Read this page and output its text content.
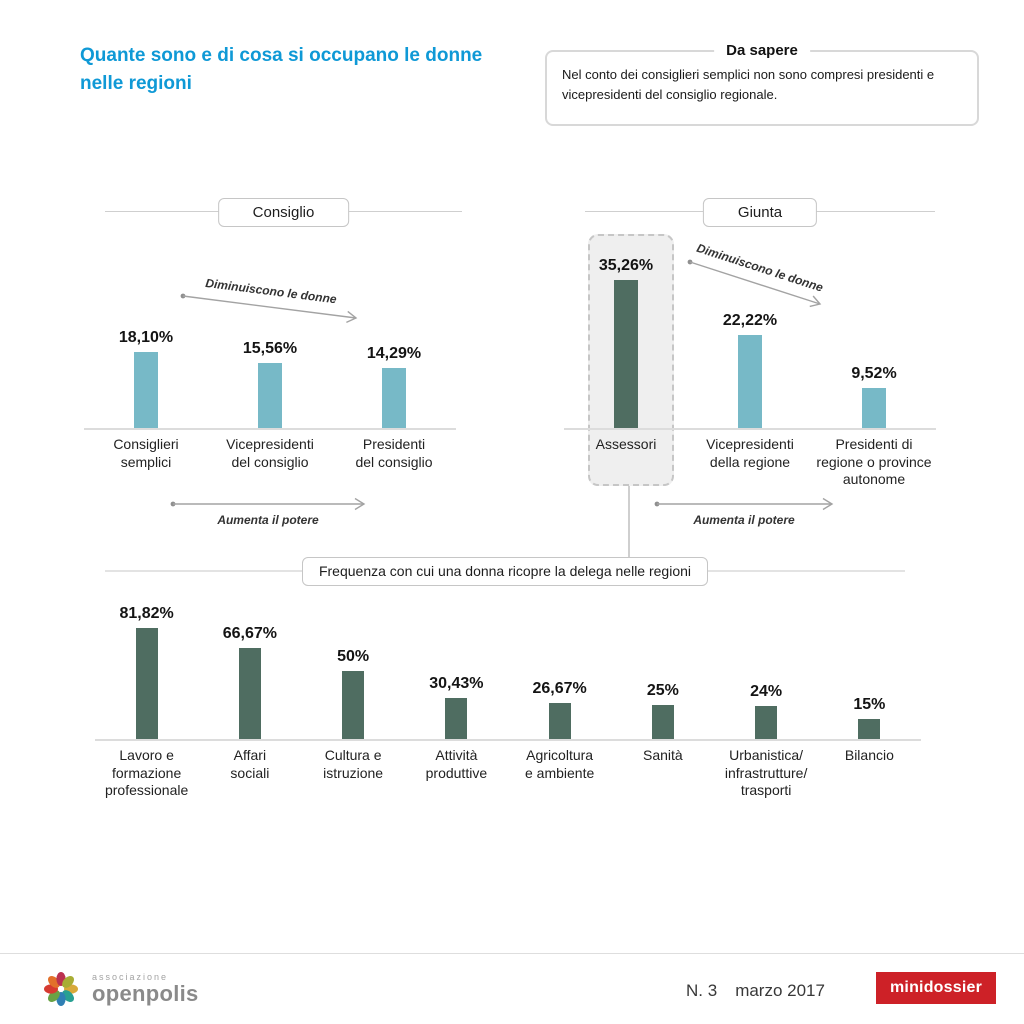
Quante sono e di cosa si occupano le donne
nelle regioni
Da sapere
Nel conto dei consiglieri semplici non sono compresi presidenti e vicepresidenti del consiglio regionale.
Consiglio	Giunta
18,10%
Consiglieri
semplici
15,56%
Vicepresidenti
del consiglio
14,29%
Presidenti
del consiglio
35,26%
Assessori
22,22%
Vicepresidenti
della regione
9,52%
Presidenti di
regione o province
autonome
Frequenza con cui una donna ricopre la delega nelle regioni
81,82%
Lavoro e
formazione
professionale
66,67%
Affari
sociali
50%
Cultura e
istruzione
30,43%
Attività
produttive
26,67%
Agricoltura
e ambiente
25%
Sanità
24%
Urbanistica/
infrastrutture/
trasporti
15%
Bilancio
Diminuiscono le donne	Diminuiscono le donne
Aumenta il potere	Aumenta il potere
associazione
openpolis	N. 3 marzo 2017	minidossier
